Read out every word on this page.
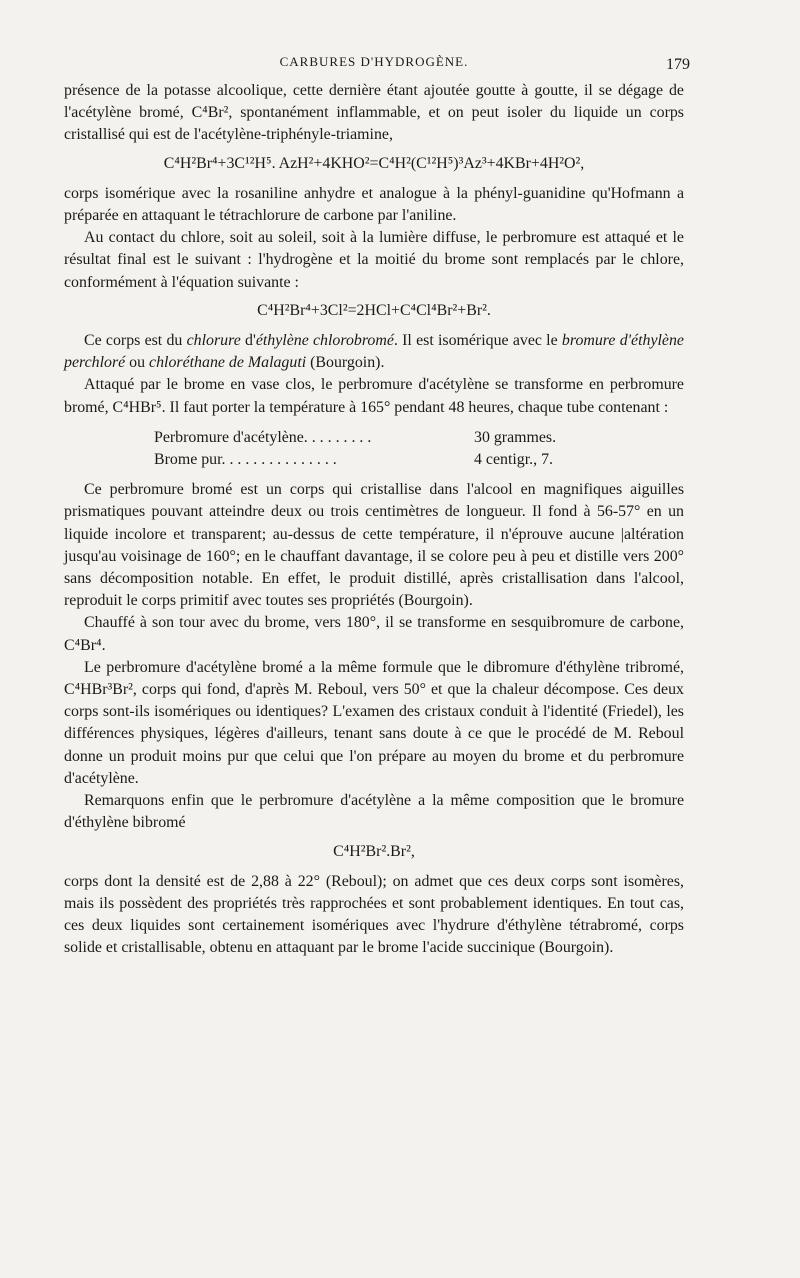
CARBURES D'HYDROGÈNE.	179

présence de la potasse alcoolique, cette dernière étant ajoutée goutte à goutte, il se dégage de l'acétylène bromé, C⁴Br², spontanément inflammable, et on peut isoler du liquide un corps cristallisé qui est de l'acétylène-triphényle-triamine,

C⁴H²Br⁴+3C¹²H⁵. AzH²+4KHO²=C⁴H²(C¹²H⁵)³Az³+4KBr+4H²O²,

corps isomérique avec la rosaniline anhydre et analogue à la phényl-guanidine qu'Hofmann a préparée en attaquant le tétrachlorure de carbone par l'aniline.

Au contact du chlore, soit au soleil, soit à la lumière diffuse, le perbromure est attaqué et le résultat final est le suivant : l'hydrogène et la moitié du brome sont remplacés par le chlore, conformément à l'équation suivante :

C⁴H²Br⁴+3Cl²=2HCl+C⁴Cl⁴Br²+Br².

Ce corps est du chlorure d'éthylène chlorobromé. Il est isomérique avec le bromure d'éthylène perchloré ou chloréthane de Malaguti (Bourgoin).

Attaqué par le brome en vase clos, le perbromure d'acétylène se transforme en perbromure bromé, C⁴HBr⁵. Il faut porter la température à 165° pendant 48 heures, chaque tube contenant :

Perbromure d'acétylène. . . . . . . . .	30 grammes.
Brome pur. . . . . . . . . . . . . . .	4 centigr., 7.

Ce perbromure bromé est un corps qui cristallise dans l'alcool en magnifiques aiguilles prismatiques pouvant atteindre deux ou trois centimètres de longueur. Il fond à 56-57° en un liquide incolore et transparent; au-dessus de cette température, il n'éprouve aucune |altération jusqu'au voisinage de 160°; en le chauffant davantage, il se colore peu à peu et distille vers 200° sans décomposition notable. En effet, le produit distillé, après cristallisation dans l'alcool, reproduit le corps primitif avec toutes ses propriétés (Bourgoin).

Chauffé à son tour avec du brome, vers 180°, il se transforme en sesquibromure de carbone, C⁴Br⁴.

Le perbromure d'acétylène bromé a la même formule que le dibromure d'éthylène tribromé, C⁴HBr³Br², corps qui fond, d'après M. Reboul, vers 50° et que la chaleur décompose. Ces deux corps sont-ils isomériques ou identiques? L'examen des cristaux conduit à l'identité (Friedel), les différences physiques, légères d'ailleurs, tenant sans doute à ce que le procédé de M. Reboul donne un produit moins pur que celui que l'on prépare au moyen du brome et du perbromure d'acétylène.

Remarquons enfin que le perbromure d'acétylène a la même composition que le bromure d'éthylène bibromé

C⁴H²Br².Br²,

corps dont la densité est de 2,88 à 22° (Reboul); on admet que ces deux corps sont isomères, mais ils possèdent des propriétés très rapprochées et sont probablement identiques. En tout cas, ces deux liquides sont certainement isomériques avec l'hydrure d'éthylène tétrabromé, corps solide et cristallisable, obtenu en attaquant par le brome l'acide succinique (Bourgoin).
